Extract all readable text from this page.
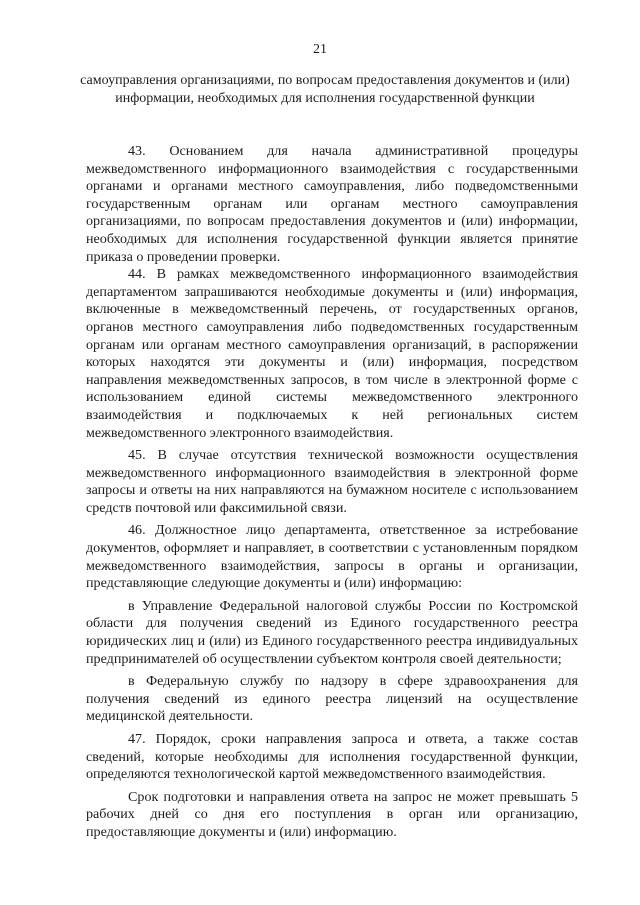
21
самоуправления организациями, по вопросам предоставления документов и (или) информации, необходимых для исполнения государственной функции

43. Основанием для начала административной процедуры межведомственного информационного взаимодействия с государственными органами и органами местного самоуправления, либо подведомственными государственным органам или органам местного самоуправления организациями, по вопросам предоставления документов и (или) информации, необходимых для исполнения государственной функции является принятие приказа о проведении проверки.

44. В рамках межведомственного информационного взаимодействия департаментом запрашиваются необходимые документы и (или) информация, включенные в межведомственный перечень, от государственных органов, органов местного самоуправления либо подведомственных государственным органам или органам местного самоуправления организаций, в распоряжении которых находятся эти документы и (или) информация, посредством направления межведомственных запросов, в том числе в электронной форме с использованием единой системы межведомственного электронного взаимодействия и подключаемых к ней региональных систем межведомственного электронного взаимодействия.

45. В случае отсутствия технической возможности осуществления межведомственного информационного взаимодействия в электронной форме запросы и ответы на них направляются на бумажном носителе с использованием средств почтовой или факсимильной связи.

46. Должностное лицо департамента, ответственное за истребование документов, оформляет и направляет, в соответствии с установленным порядком межведомственного взаимодействия, запросы в органы и организации, представляющие следующие документы и (или) информацию:

в Управление Федеральной налоговой службы России по Костромской области для получения сведений из Единого государственного реестра юридических лиц и (или) из Единого государственного реестра индивидуальных предпринимателей об осуществлении субъектом контроля своей деятельности;

в Федеральную службу по надзору в сфере здравоохранения для получения сведений из единого реестра лицензий на осуществление медицинской деятельности.

47. Порядок, сроки направления запроса и ответа, а также состав сведений, которые необходимы для исполнения государственной функции, определяются технологической картой межведомственного взаимодействия.

Срок подготовки и направления ответа на запрос не может превышать 5 рабочих дней со дня его поступления в орган или организацию, предоставляющие документы и (или) информацию.
